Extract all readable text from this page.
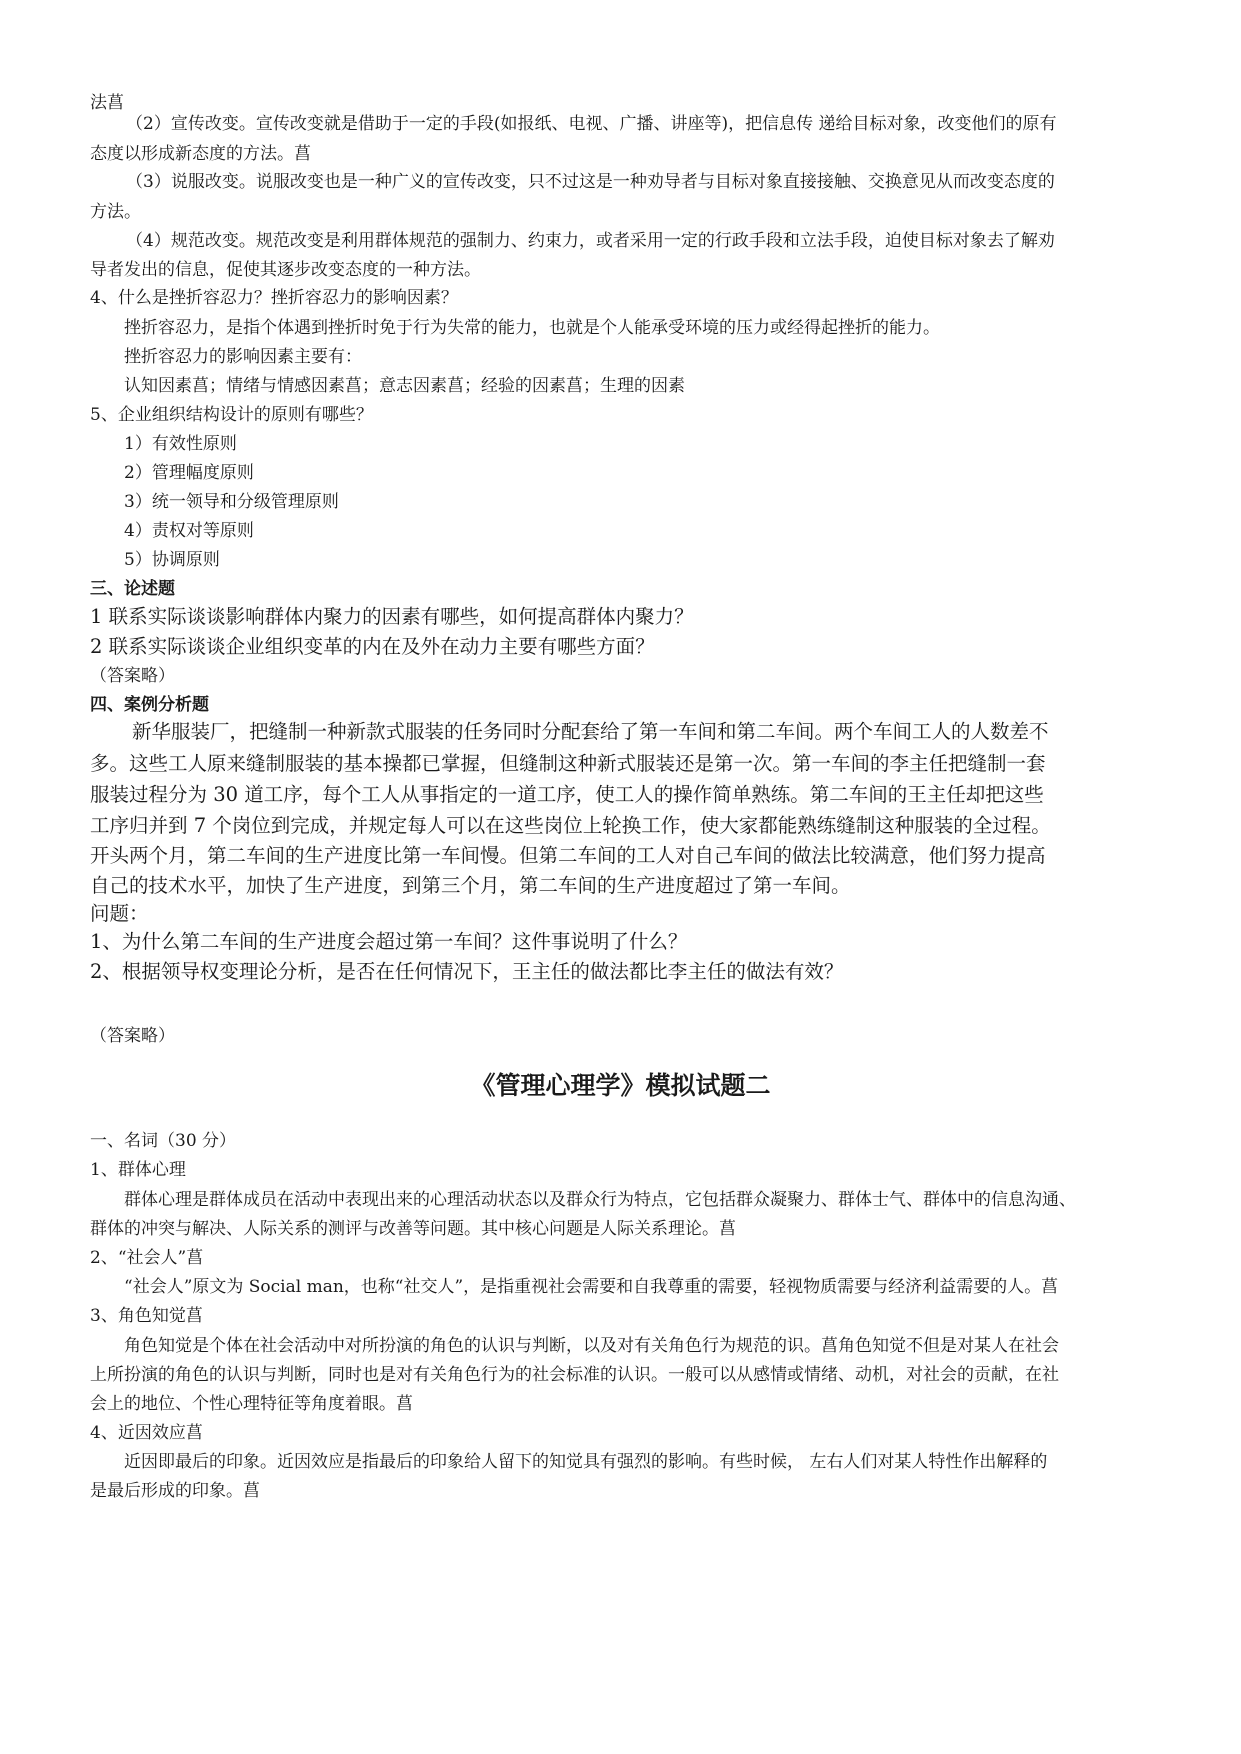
法菖
（2）宣传改变。宣传改变就是借助于一定的手段(如报纸、电视、广播、讲座等)，把信息传 递给目标对象，改变他们的原有
态度以形成新态度的方法。菖
（3）说服改变。说服改变也是一种广义的宣传改变，只不过这是一种劝导者与目标对象直接接触、交换意见从而改变态度的
方法。
（4）规范改变。规范改变是利用群体规范的强制力、约束力，或者采用一定的行政手段和立法手段，迫使目标对象去了解劝
导者发出的信息，促使其逐步改变态度的一种方法。
4、什么是挫折容忍力？挫折容忍力的影响因素？
挫折容忍力，是指个体遇到挫折时免于行为失常的能力，也就是个人能承受环境的压力或经得起挫折的能力。
挫折容忍力的影响因素主要有：
认知因素菖；情绪与情感因素菖；意志因素菖；经验的因素菖；生理的因素
5、企业组织结构设计的原则有哪些？
1）有效性原则
2）管理幅度原则
3）统一领导和分级管理原则
4）责权对等原则
5）协调原则
三、论述题
1 联系实际谈谈影响群体内聚力的因素有哪些，如何提高群体内聚力？
2 联系实际谈谈企业组织变革的内在及外在动力主要有哪些方面？
（答案略）
四、案例分析题
新华服装厂，把缝制一种新款式服装的任务同时分配套给了第一车间和第二车间。两个车间工人的人数差不
多。这些工人原来缝制服装的基本操都已掌握，但缝制这种新式服装还是第一次。第一车间的李主任把缝制一套
服装过程分为 30 道工序，每个工人从事指定的一道工序，使工人的操作简单熟练。第二车间的王主任却把这些
工序归并到 7 个岗位到完成，并规定每人可以在这些岗位上轮换工作，使大家都能熟练缝制这种服装的全过程。
开头两个月，第二车间的生产进度比第一车间慢。但第二车间的工人对自己车间的做法比较满意，他们努力提高
自己的技术水平，加快了生产进度，到第三个月，第二车间的生产进度超过了第一车间。
问题：
1、为什么第二车间的生产进度会超过第一车间？这件事说明了什么？
2、根据领导权变理论分析，是否在任何情况下，王主任的做法都比李主任的做法有效？
（答案略）
《管理心理学》模拟试题二
一、名词（30 分）
1、群体心理
群体心理是群体成员在活动中表现出来的心理活动状态以及群众行为特点，它包括群众凝聚力、群体士气、群体中的信息沟通、
群体的冲突与解决、人际关系的测评与改善等问题。其中核心问题是人际关系理论。菖
2、“社会人”菖
“社会人”原文为 Social man，也称“社交人”，是指重视社会需要和自我尊重的需要，轻视物质需要与经济利益需要的人。菖
3、角色知觉菖
角色知觉是个体在社会活动中对所扮演的角色的认识与判断，以及对有关角色行为规范的识。菖角色知觉不但是对某人在社会
上所扮演的角色的认识与判断，同时也是对有关角色行为的社会标准的认识。一般可以从感情或情绪、动机，对社会的贡献，在社
会上的地位、个性心理特征等角度着眼。菖
4、近因效应菖
近因即最后的印象。近因效应是指最后的印象给人留下的知觉具有强烈的影响。有些时候， 左右人们对某人特性作出解释的
是最后形成的印象。菖
